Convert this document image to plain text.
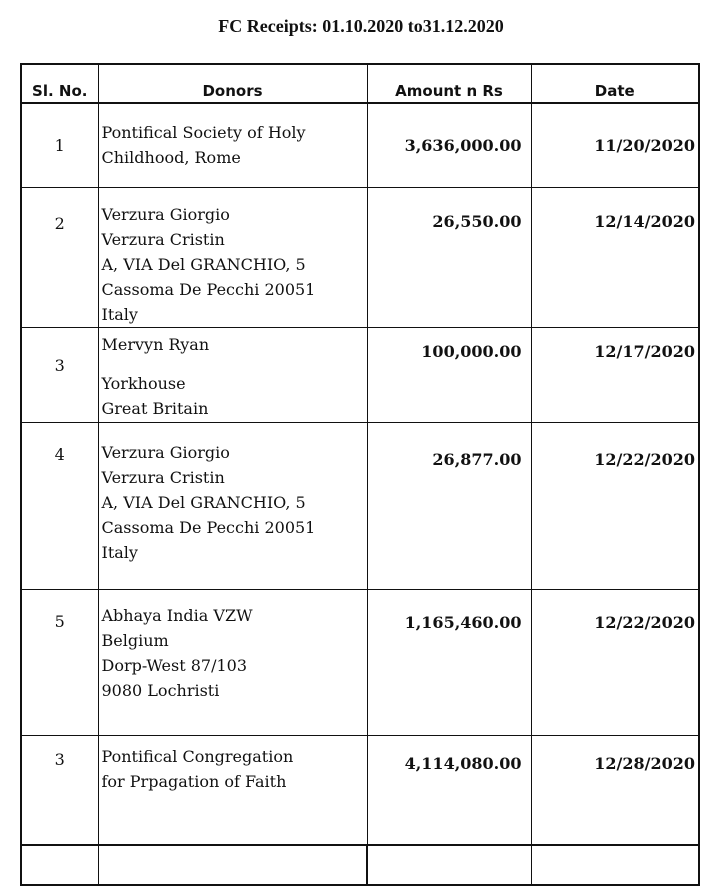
FC Receipts: 01.10.2020 to31.12.2020
Sl. No.	Donors	Amount n Rs	Date
1	Pontifical Society of Holy
Childhood, Rome	3,636,000.00	11/20/2020
2	Verzura Giorgio
Verzura Cristin
A, VIA Del GRANCHIO, 5
Cassoma De Pecchi 20051
Italy	26,550.00	12/14/2020
3	Mervyn Ryan
Yorkhouse
Great Britain	100,000.00	12/17/2020
4	Verzura Giorgio
Verzura Cristin
A, VIA Del GRANCHIO, 5
Cassoma De Pecchi 20051
Italy	26,877.00	12/22/2020
5	Abhaya India VZW
Belgium
Dorp-West 87/103
9080 Lochristi	1,165,460.00	12/22/2020
3	Pontifical Congregation
for Prpagation of Faith	4,114,080.00	12/28/2020
